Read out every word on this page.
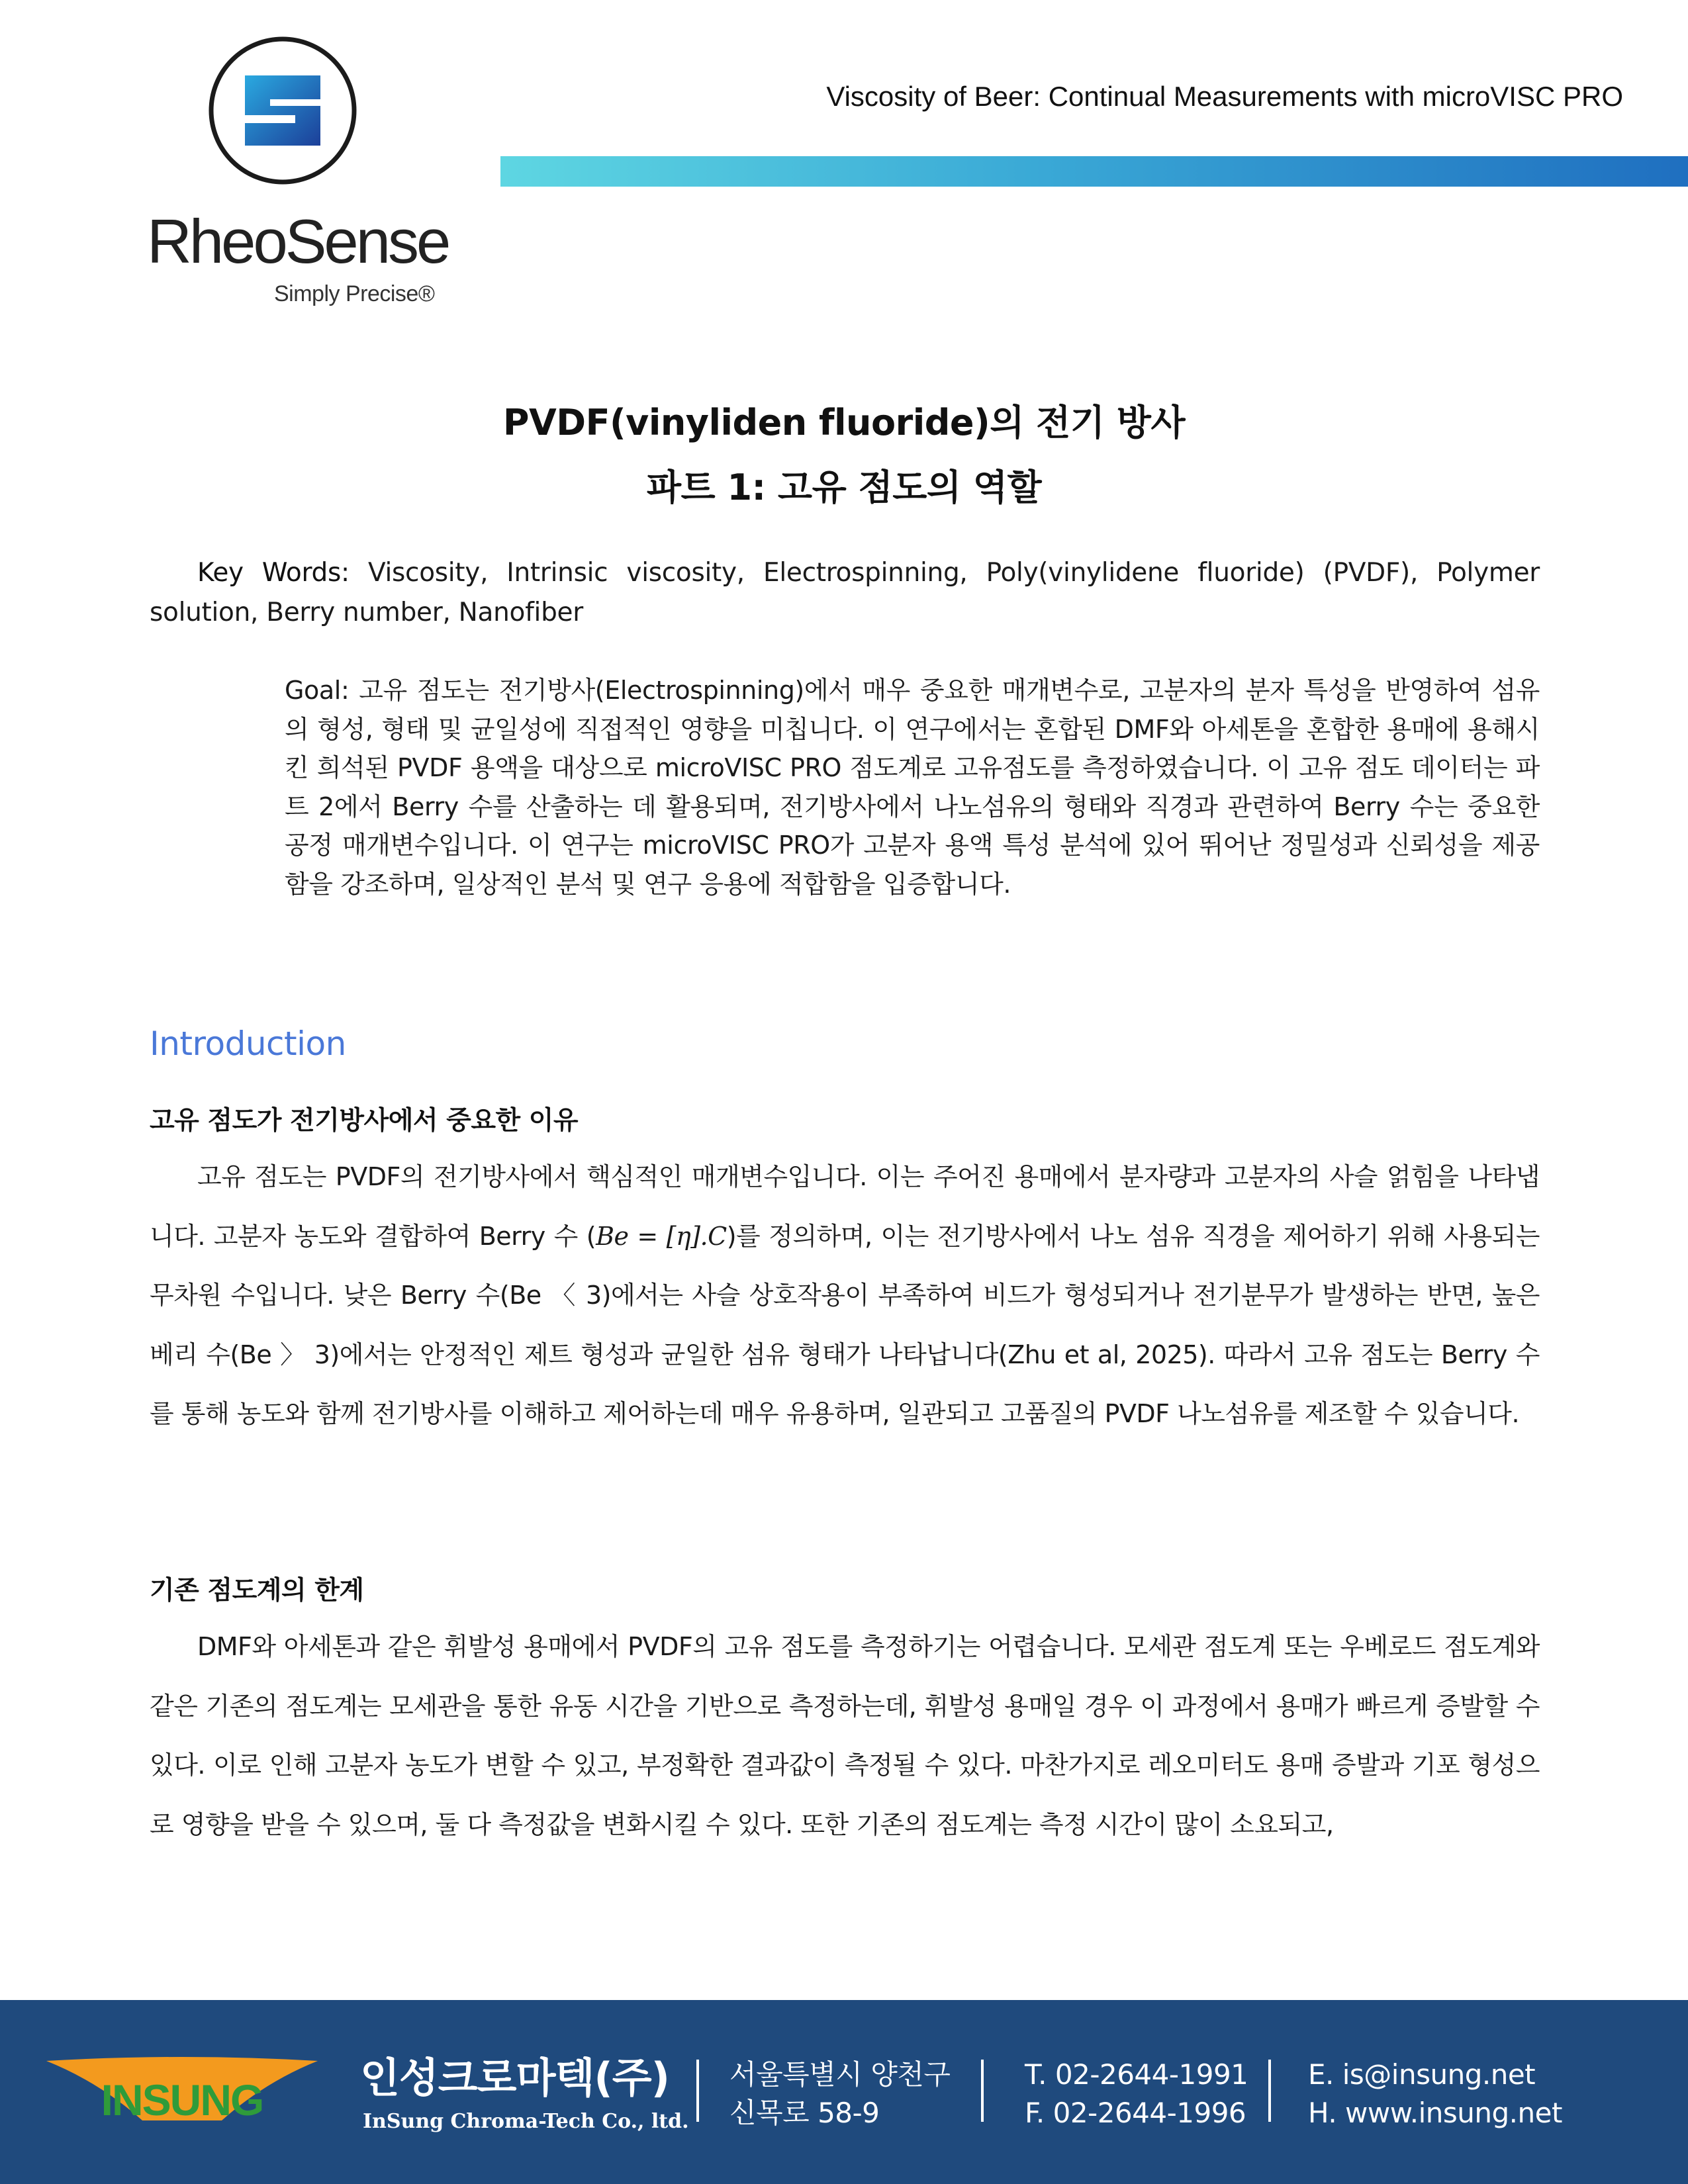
RheoSense
Simply Precise®
Viscosity of Beer: Continual Measurements with microVISC PRO
PVDF(vinyliden fluoride)의 전기 방사
파트 1: 고유 점도의 역할
Key Words: Viscosity, Intrinsic viscosity, Electrospinning, Poly(vinylidene fluoride) (PVDF), Polymer solution, Berry number, Nanofiber
Goal: 고유 점도는 전기방사(Electrospinning)에서 매우 중요한 매개변수로, 고분자의 분자 특성을 반영하여 섬유의 형성, 형태 및 균일성에 직접적인 영향을 미칩니다. 이 연구에서는 혼합된 DMF와 아세톤을 혼합한 용매에 용해시킨 희석된 PVDF 용액을 대상으로 microVISC PRO 점도계로 고유점도를 측정하였습니다. 이 고유 점도 데이터는 파트 2에서 Berry 수를 산출하는 데 활용되며, 전기방사에서 나노섬유의 형태와 직경과 관련하여 Berry 수는 중요한 공정 매개변수입니다. 이 연구는 microVISC PRO가 고분자 용액 특성 분석에 있어 뛰어난 정밀성과 신뢰성을 제공함을 강조하며, 일상적인 분석 및 연구 응용에 적합함을 입증합니다.
Introduction
고유 점도가 전기방사에서 중요한 이유
고유 점도는 PVDF의 전기방사에서 핵심적인 매개변수입니다. 이는 주어진 용매에서 분자량과 고분자의 사슬 얽힘을 나타냅니다. 고분자 농도와 결합하여 Berry 수 (Be = [η].C)를 정의하며, 이는 전기방사에서 나노 섬유 직경을 제어하기 위해 사용되는 무차원 수입니다. 낮은 Berry 수(Be 〈 3)에서는 사슬 상호작용이 부족하여 비드가 형성되거나 전기분무가 발생하는 반면, 높은 베리 수(Be 〉 3)에서는 안정적인 제트 형성과 균일한 섬유 형태가 나타납니다(Zhu et al, 2025). 따라서 고유 점도는 Berry 수를 통해 농도와 함께 전기방사를 이해하고 제어하는데 매우 유용하며, 일관되고 고품질의 PVDF 나노섬유를 제조할 수 있습니다.
기존 점도계의 한계
DMF와 아세톤과 같은 휘발성 용매에서 PVDF의 고유 점도를 측정하기는 어렵습니다. 모세관 점도계 또는 우베로드 점도계와 같은 기존의 점도계는 모세관을 통한 유동 시간을 기반으로 측정하는데, 휘발성 용매일 경우 이 과정에서 용매가 빠르게 증발할 수 있다. 이로 인해 고분자 농도가 변할 수 있고, 부정확한 결과값이 측정될 수 있다. 마찬가지로 레오미터도 용매 증발과 기포 형성으로 영향을 받을 수 있으며, 둘 다 측정값을 변화시킬 수 있다. 또한 기존의 점도계는 측정 시간이 많이 소요되고,
INSUNG 인성크로마텍(주)
InSung Chroma-Tech Co., ltd.
서울특별시 양천구
신목로 58-9
T. 02-2644-1991
F. 02-2644-1996
E. is@insung.net
H. www.insung.net
